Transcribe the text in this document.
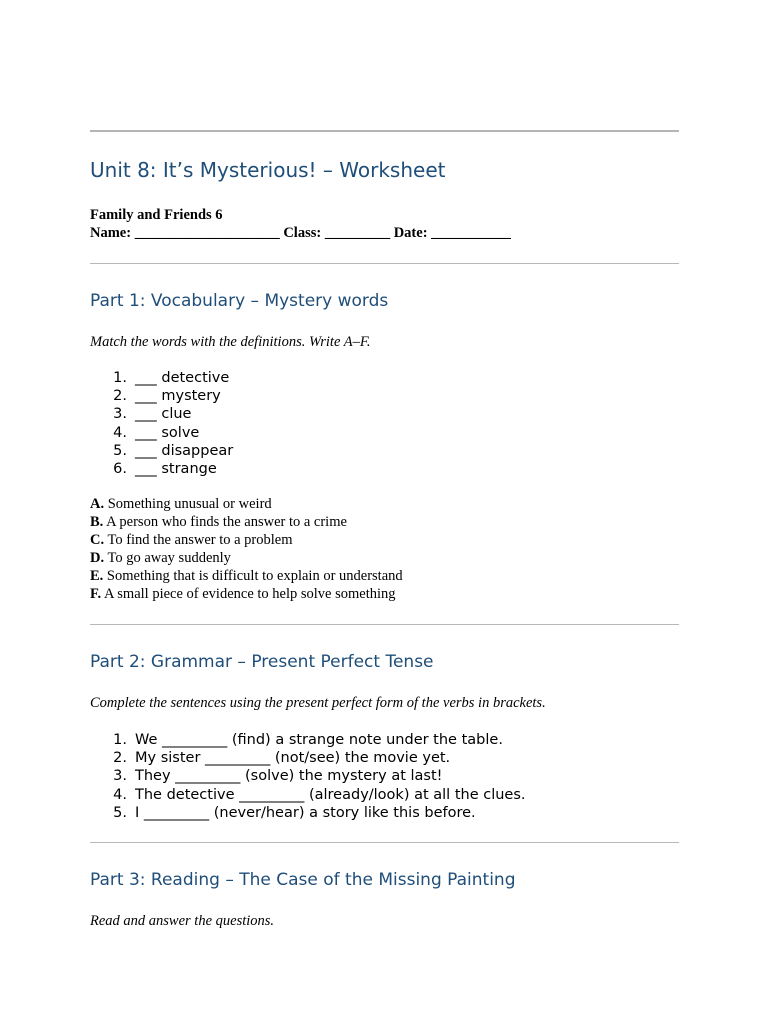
Unit 8: It’s Mysterious! – Worksheet
Family and Friends 6
Name: ____________________ Class: _________ Date: ___________
Part 1: Vocabulary – Mystery words

Match the words with the definitions. Write A–F.

1. ___ detective
2. ___ mystery
3. ___ clue
4. ___ solve
5. ___ disappear
6. ___ strange
A. Something unusual or weird
B. A person who finds the answer to a crime
C. To find the answer to a problem
D. To go away suddenly
E. Something that is difficult to explain or understand
F. A small piece of evidence to help solve something
Part 2: Grammar – Present Perfect Tense

Complete the sentences using the present perfect form of the verbs in brackets.

1. We _________ (find) a strange note under the table.
2. My sister _________ (not/see) the movie yet.
3. They _________ (solve) the mystery at last!
4. The detective _________ (already/look) at all the clues.
5. I _________ (never/hear) a story like this before.
Part 3: Reading – The Case of the Missing Painting

Read and answer the questions.
